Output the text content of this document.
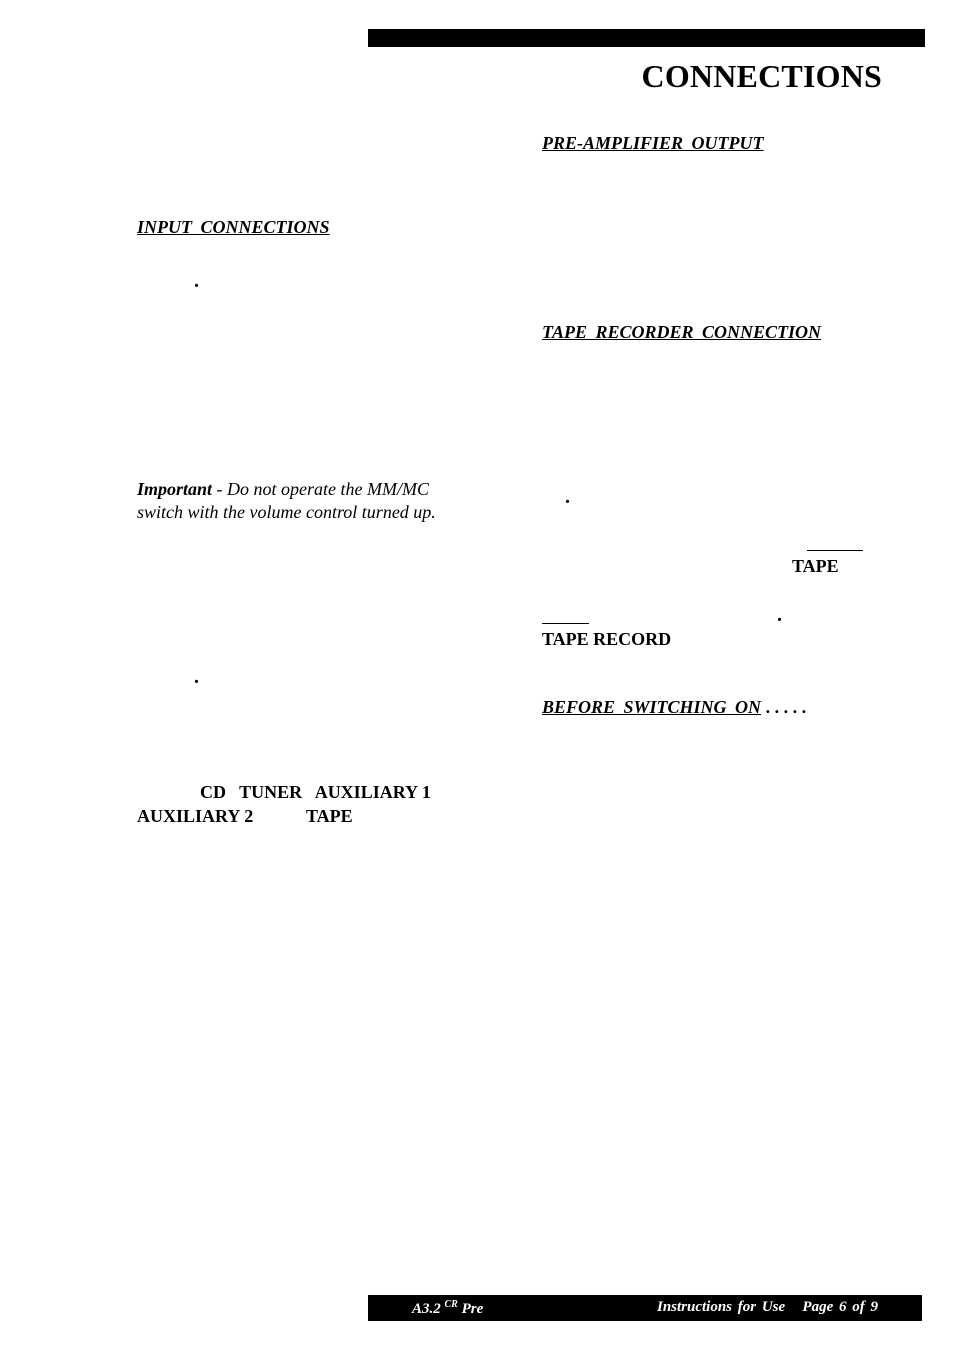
CONNECTIONS
INPUT CONNECTIONS
.
Important - Do not operate the MM/MC
switch with the volume control turned up.
.
CD   TUNER   AUXILIARY 1
AUXILIARY 2	TAPE
PRE-AMPLIFIER OUTPUT
TAPE RECORDER CONNECTION
.
TAPE
.
TAPE RECORD
BEFORE SWITCHING ON . . . . .
A3.2 $^{CR}$ Pre	Instructions for Use   Page 6 of 9
